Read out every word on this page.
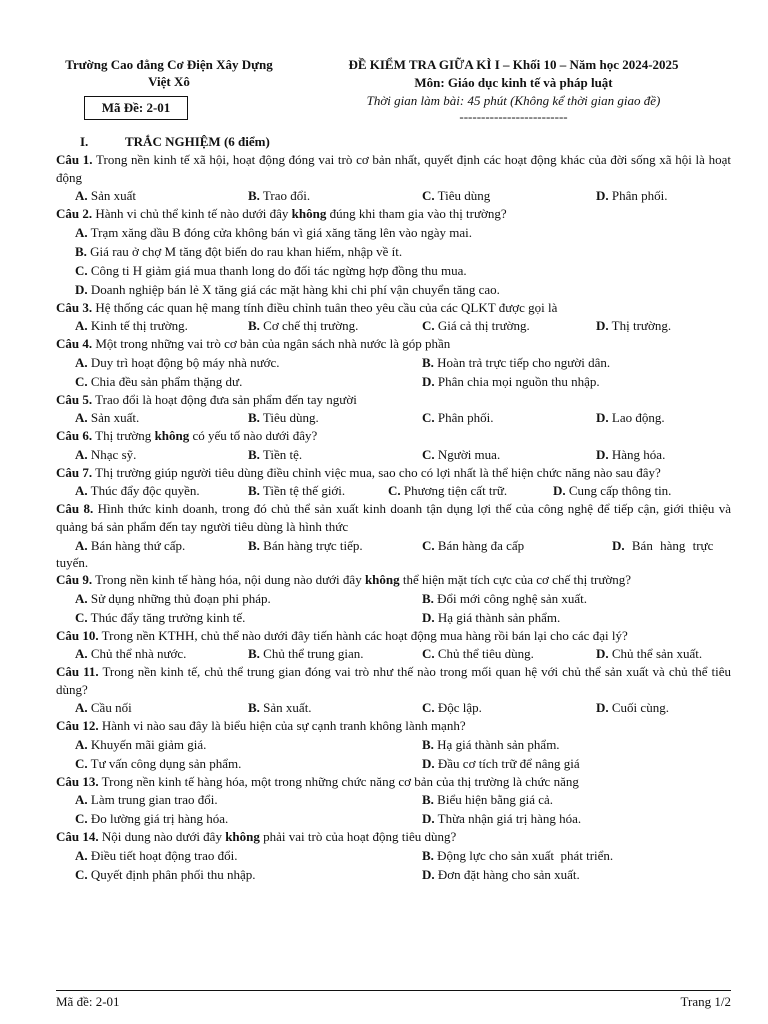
Trường Cao đẳng Cơ Điện Xây Dựng Việt Xô
Mã Đề: 2-01
ĐỀ KIỂM TRA GIỮA KÌ I – Khối 10 – Năm học 2024-2025
Môn: Giáo dục kinh tế và pháp luật
Thời gian làm bài: 45 phút (Không kể thời gian giao đề)
-------------------------
I.	TRẮC NGHIỆM (6 điểm)
Câu 1. Trong nền kinh tế xã hội, hoạt động đóng vai trò cơ bản nhất, quyết định các hoạt động khác của đời sống xã hội là hoạt động
A. Sản xuất	B. Trao đổi.	C. Tiêu dùng	D. Phân phối.
Câu 2. Hành vi chủ thể kinh tế nào dưới đây không đúng khi tham gia vào thị trường?
A. Trạm xăng dầu B đóng cửa không bán vì giá xăng tăng lên vào ngày mai.
B. Giá rau ở chợ M tăng đột biến do rau khan hiếm, nhập về ít.
C. Công ti H giảm giá mua thanh long do đối tác ngừng hợp đồng thu mua.
D. Doanh nghiệp bán lẻ X tăng giá các mặt hàng khi chi phí vận chuyển tăng cao.
Câu 3. Hệ thống các quan hệ mang tính điều chỉnh tuân theo yêu cầu của các QLKT được gọi là
A. Kinh tế thị trường.	B. Cơ chế thị trường.	C. Giá cả thị trường.	D. Thị trường.
Câu 4. Một trong những vai trò cơ bản của ngân sách nhà nước là góp phần
A. Duy trì hoạt động bộ máy nhà nước.	B. Hoàn trả trực tiếp cho người dân.
C. Chia đều sản phẩm thặng dư.	D. Phân chia mọi nguồn thu nhập.
Câu 5. Trao đổi là hoạt động đưa sản phẩm đến tay người
A. Sản xuất.	B. Tiêu dùng.	C. Phân phối.	D. Lao động.
Câu 6. Thị trường không có yếu tố nào dưới đây?
A. Nhạc sỹ.	B. Tiền tệ.	C. Người mua.	D. Hàng hóa.
Câu 7. Thị trường giúp người tiêu dùng điều chỉnh việc mua, sao cho có lợi nhất là thể hiện chức năng nào sau đây?
A. Thúc đẩy độc quyền.	B. Tiền tệ thế giới.	C. Phương tiện cất trữ.	D. Cung cấp thông tin.
Câu 8. Hình thức kinh doanh, trong đó chủ thể sản xuất kinh doanh tận dụng lợi thế của công nghệ để tiếp cận, giới thiệu và quảng bá sản phẩm đến tay người tiêu dùng là hình thức
A. Bán hàng thứ cấp.	B. Bán hàng trực tiếp.	C. Bán hàng đa cấp	D. Bán hàng trực
tuyến.
Câu 9. Trong nền kinh tế hàng hóa, nội dung nào dưới đây không thể hiện mặt tích cực của cơ chế thị trường?
A. Sử dụng những thủ đoạn phi pháp.	B. Đổi mới công nghệ sản xuất.
C. Thúc đẩy tăng trưởng kinh tế.	D. Hạ giá thành sản phẩm.
Câu 10. Trong nền KTHH, chủ thể nào dưới đây tiến hành các hoạt động mua hàng rồi bán lại cho các đại lý?
A. Chủ thể nhà nước.	B. Chủ thể trung gian.	C. Chủ thể tiêu dùng.	D. Chủ thể sản xuất.
Câu 11. Trong nền kinh tế, chủ thể trung gian đóng vai trò như thế nào trong mối quan hệ với chủ thể sản xuất và chủ thể tiêu dùng?
A. Cầu nối	B. Sản xuất.	C. Độc lập.	D. Cuối cùng.
Câu 12. Hành vi nào sau đây là biểu hiện của sự cạnh tranh không lành mạnh?
A. Khuyến mãi giảm giá.	B. Hạ giá thành sản phẩm.
C. Tư vấn công dụng sản phẩm.	D. Đầu cơ tích trữ để nâng giá
Câu 13. Trong nền kinh tế hàng hóa, một trong những chức năng cơ bản của thị trường là chức năng
A. Làm trung gian trao đổi.	B. Biểu hiện bằng giá cả.
C. Đo lường giá trị hàng hóa.	D. Thừa nhận giá trị hàng hóa.
Câu 14. Nội dung nào dưới đây không phải vai trò của hoạt động tiêu dùng?
A. Điều tiết hoạt động trao đổi.	B. Động lực cho sản xuất  phát triển.
C. Quyết định phân phối thu nhập.	D. Đơn đặt hàng cho sản xuất.
Mã đề: 2-01	Trang 1/2
